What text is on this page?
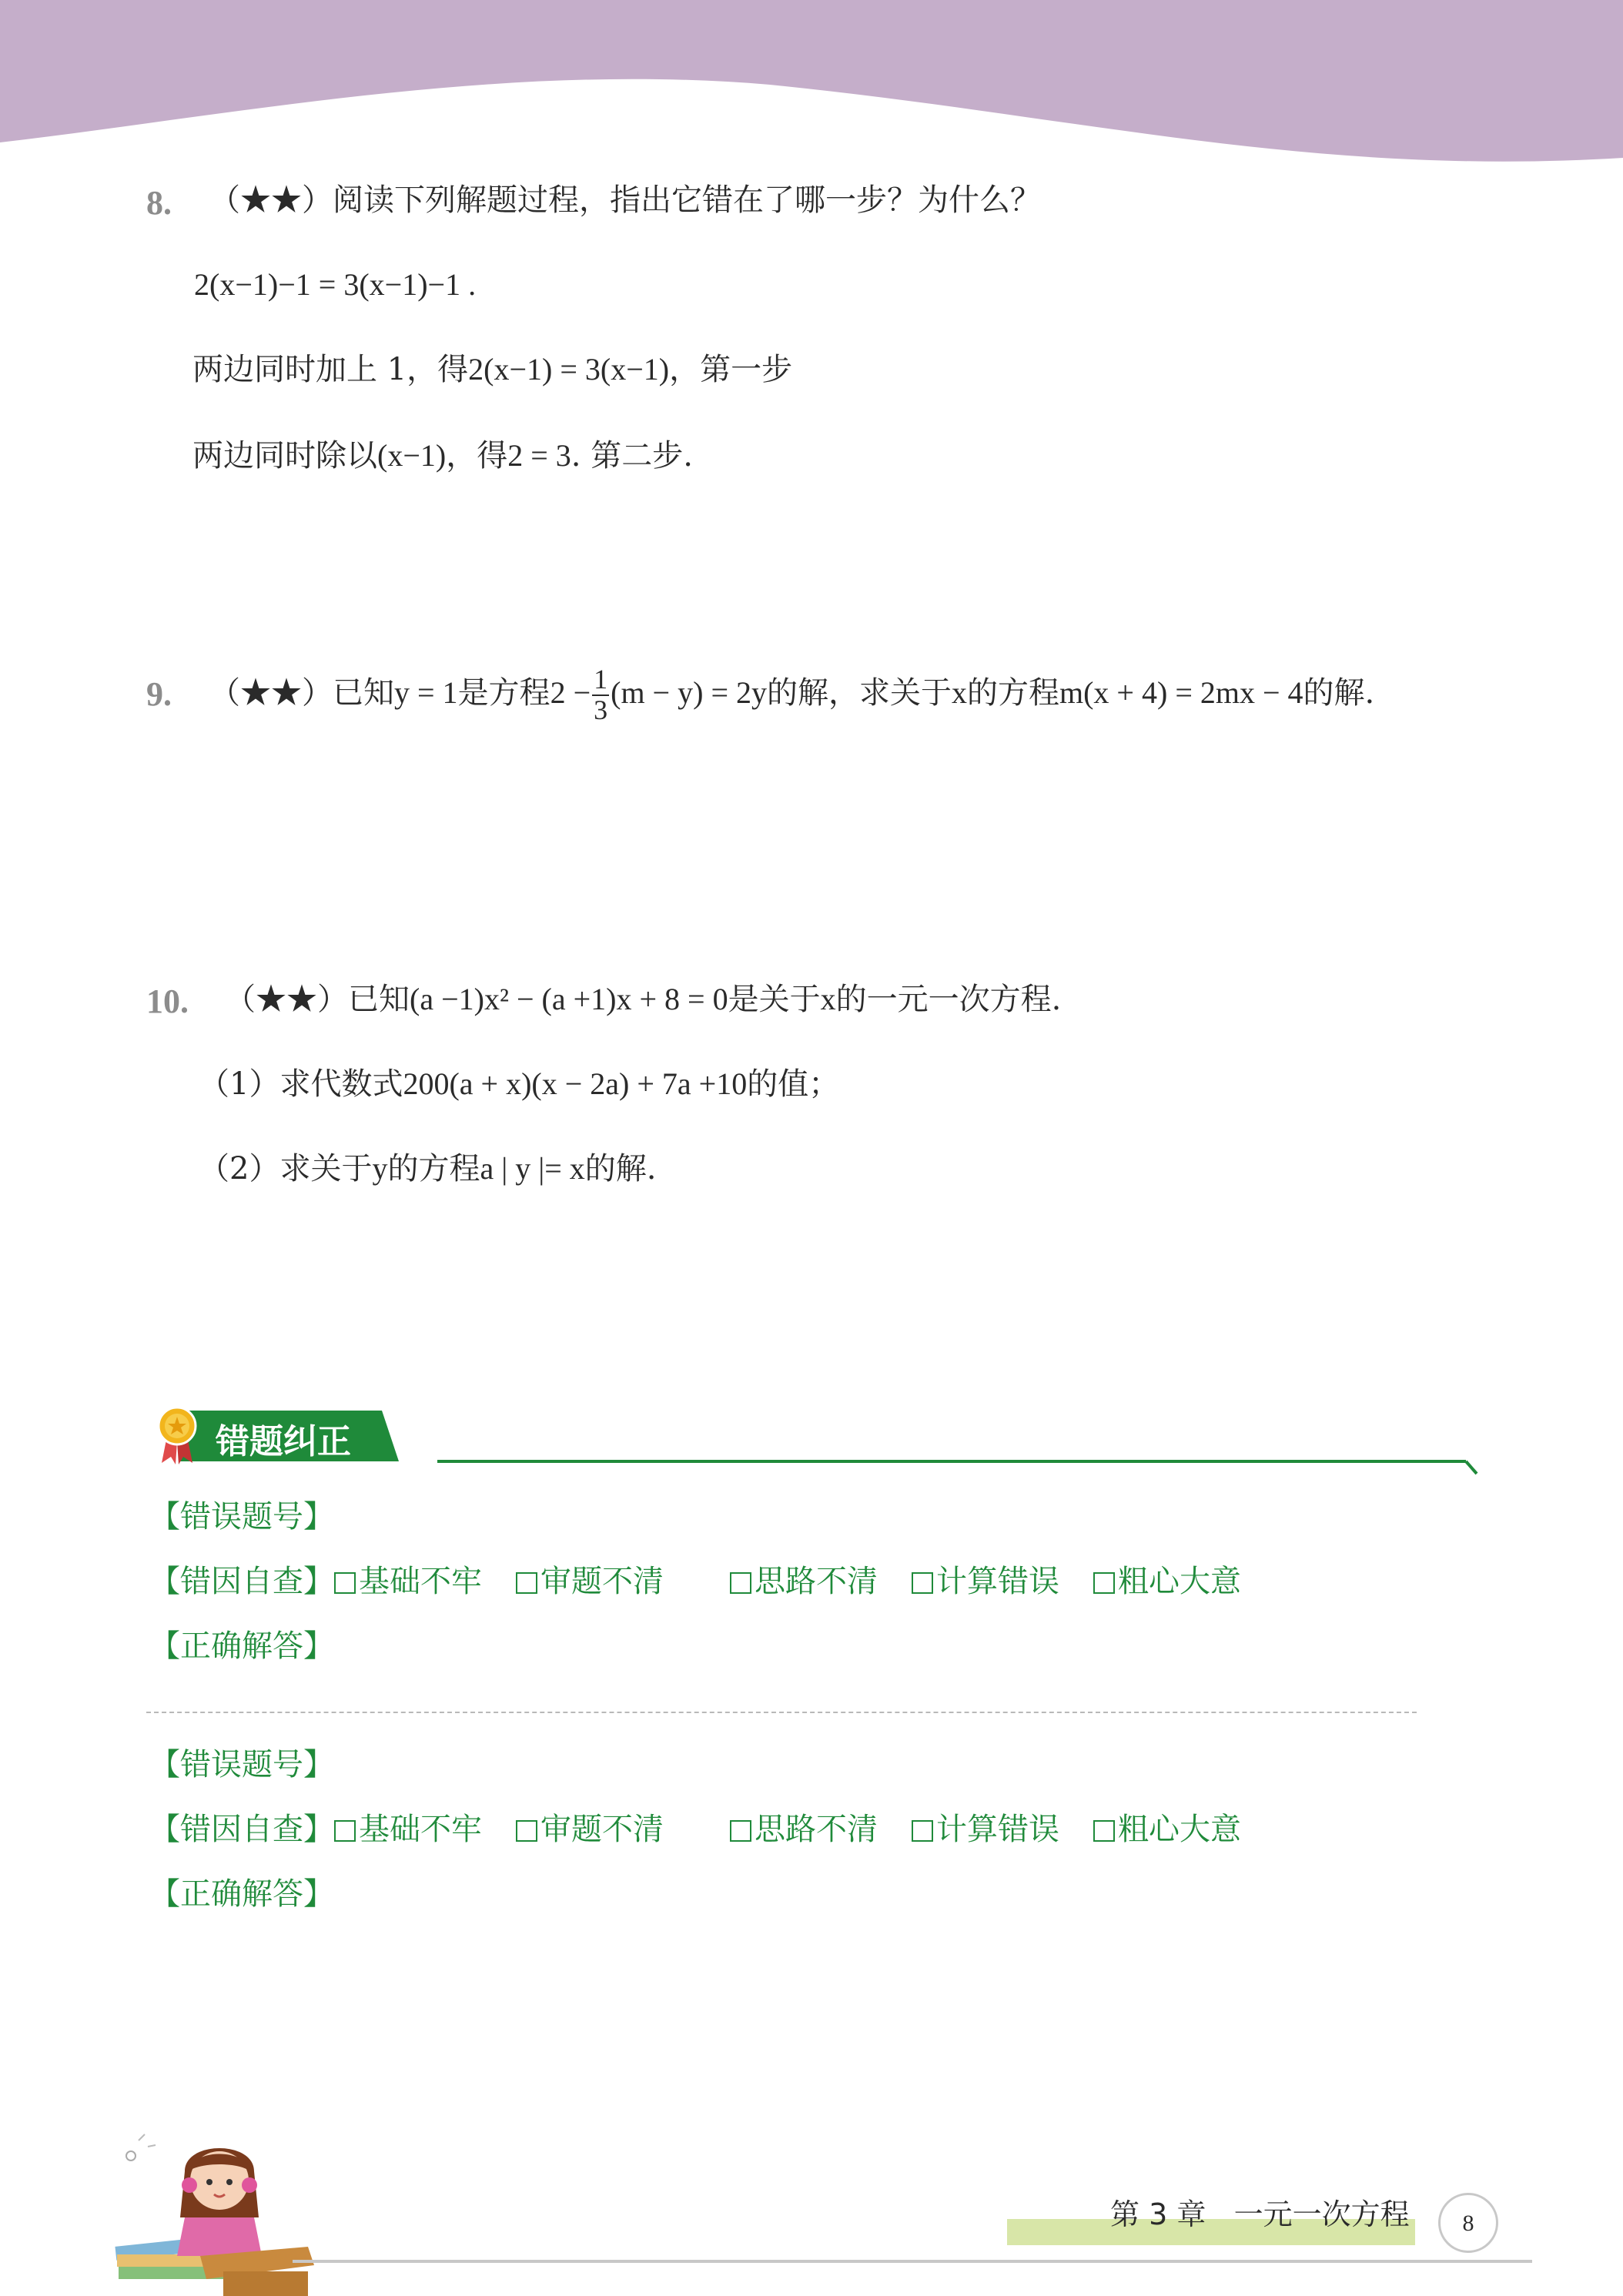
8. （★★）阅读下列解题过程，指出它错在了哪一步？为什么？
2(x−1)−1 = 3(x−1)−1 .
两边同时加上 1，得2(x−1) = 3(x−1)，第一步
两边同时除以(x−1)，得2 = 3. 第二步.
9. （★★）已知y = 1是方程$2 - \frac{1}{3} (m - y) = 2y$的解，求关于x的方程m(x + 4) = 2mx − 4的解.
10. （★★）已知(a −1)x² − (a +1)x + 8 = 0是关于x的一元一次方程.
（1）求代数式200(a + x)(x − 2a) + 7a +10的值；
（2）求关于y的方程a | y |= x的解.
错题纠正
【错误题号】
【错因自查】 基础不牢 审题不清	思路不清 计算错误 粗心大意
【正确解答】
【错误题号】
【错因自查】 基础不牢 审题不清	思路不清 计算错误 粗心大意
【正确解答】
第 3 章   一元一次方程	8
